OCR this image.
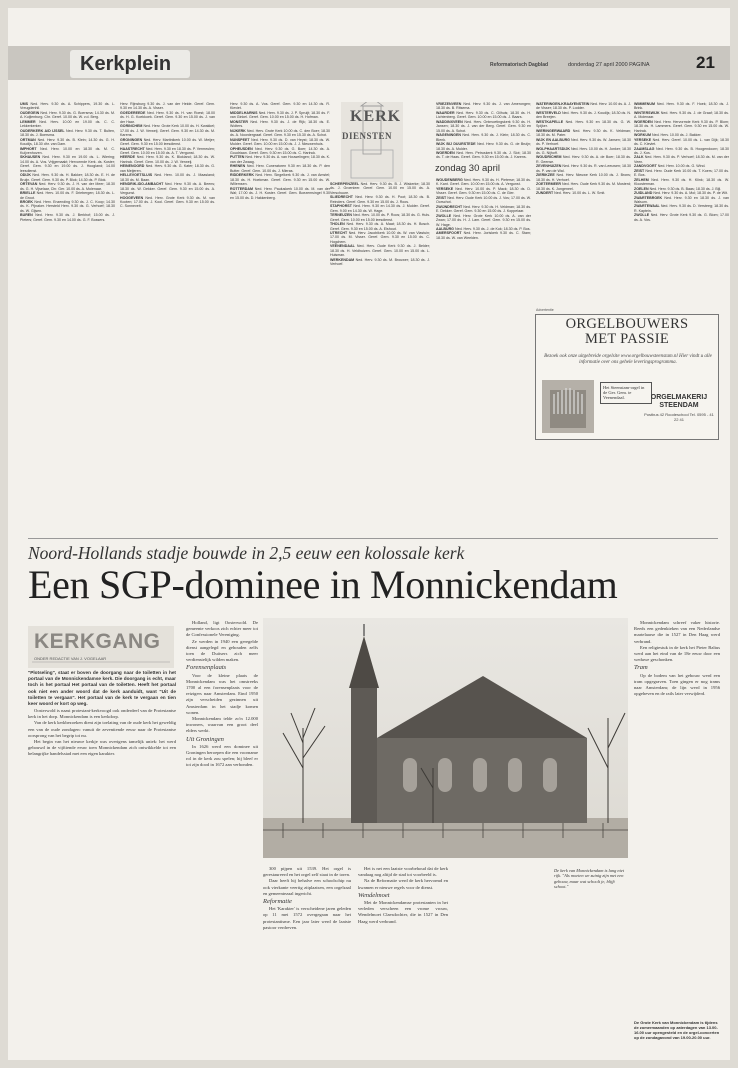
Kerkplein	Reformatorisch Dagblad	donderdag 27 april 2000 PAGINA	21

UMS Ned. Herv. 9.30 ds. A. Schippers, 19.30 ds. L. Vreugdenhil.

OUDEGEIN Ned. Herv. 9.30 ds. G. Boersma; 14.30 ds. M. A. Kuijlenburg. Chr. Geref. 10.00 ds. W. v.d. Berg.

LEMMER Ned. Herv. 10.00 en 19.00 ds. C. C. Lekkerkerker.

OUDERKERK A/D IJSSEL Ned. Herv. 9.30 ds. T. Bulten, 18.30 ds. J. Boersma.

ORTMAN Ned. Herv. 9.30 ds. B. Klein; 14.30 ds. G. H. Koudijs, 18.30 dhr. van Dam.

IMPHORT Ned. Herv. 10.00 en 18.30 ds. M. C. Kuijvenhoven.

SKHAUSEN Ned. Herv. 9.30 en 19.00 ds. L. Wiering; 14.00 ds. A. Vos. Vrijgemaakt; Hervormde Kerk. ds. Koster; Geref. Gem. 9.30 en 19.00 ds. J. Hoogland; 14.00 leesdienst.

ODIJK Ned. Herv. 9.30 ds. H. Bakker; 18.30 ds. E. H. de Bruijn. Geref. Gem. 9.30 ds. P. Blok; 14.30 ds. P. Blok.

ORTEVAN Ned. Herv. 9.30 ds. J. H. van der Meer; 18.30 ds. G. H. Vijselaar, Chr. Ger. 10.00 ds. A. Molenaar.

BRIELLE Ned. Herv. 10.00 ds. F. Driebergen; 18.30 ds. L. de Groot.

BROEK Ned. Herv. Enzending 9.30 ds. J. C. Koop; 14.30 ds. K. Pijnaker. Hersteld Herv. 9.30 ds. G. Verhoef; 18.30 ds. W. Gijsen.

BUREN Ned. Herv. 9.30 ds. J. Berkhof; 15.00 ds. J. Pieters; Geref. Gem. 9.30 en 14.00 ds. G. F. Bossers.

Herv. Rijnsburg 9.30 ds. J. van der Heide. Geref. Gem. 9.30 en 14.30 ds. A. Visser.

GOEDEREEDE Ned. Herv. 9.30 ds. H. van Roest; 18.00 ds. H. G. Koekkoek. Geref. Gem. 9.30 en 15.00 ds. J. van der Haar.

GORINCHEM Ned. Herv. Grote Kerk 10.00 ds. H. Kwakkel; 17.00 ds. J. W. Verweij. Geref. Gem. 9.30 en 14.30 ds. M. Karens.

GRONINGEN Ned. Herv. Martinikerk 10.00 ds. W. Meijer; Geref. Gem. 9.30 en 15.00 leesdienst.

HAASTRECHT Ned. Herv. 9.30 en 18.30 ds. P. Vermeulen; Geref. Gem. 10.00 en 15.00 ds. A. T. Vergunst.

HEERDE Ned. Herv. 9.30 ds. K. Blokland; 18.30 ds. W. Harinck. Geref. Gem. 10.00 ds. J. W. Verweij.

HEINENOORD Ned. Herv. 9.30 ds. G. Kater; 18.30 ds. G. van Meijeren.

HELLEVOETSLUIS Ned. Herv. 10.00 ds. J. Maasland; 18.30 ds. M. Baan.

HENDRIK-IDO-AMBACHT Ned. Herv. 9.30 ds. A. Beens; 18.30 ds. W. Dekker. Geref. Gem. 9.30 en 15.00 ds. A. Vergunst.

HOOGEVEEN Ned. Herv. Grote Kerk 9.30 ds. M. van Kooten; 17.00 ds. J. Kool. Geref. Gem. 9.30 en 15.00 ds. C. Sonnevelt.

Herv. 9.30 ds. A. Vos. Geref. Gem. 9.30 en 14.30 ds. R. Kieviet.

MIDDELHARNIS Ned. Herv. 9.30 ds. J. P. Spruijt; 18.30 ds. F. van Ginkel. Geref. Gem. 10.00 en 15.00 ds. H. Hofman.

MONSTER Ned. Herv. 9.30 ds. J. de Rijk; 18.30 ds. E. Wolters.

NIJKERK Ned. Herv. Grote Kerk 10.00 ds. C. den Boer; 18.30 ds. A. Noordergraaf. Geref. Gem. 9.30 en 15.30 ds. A. Schot.

NUNSPEET Ned. Herv. 9.30 ds. D. van Heyst; 18.30 ds. W. Mulder. Geref. Gem. 10.00 en 15.00 ds. J. J. Nieuwenhuis.

OPHEUSDEN Ned. Herv. 9.30 ds. G. Boer; 14.30 ds. A. Goudriaan. Geref. Gem. 9.30 en 15.00 ds. C. Harinck.

PUTTEN Ned. Herv. 9.30 ds. A. van Houwelingen; 18.30 ds. K. van der Zwaag.

RHENEN Ned. Herv. Cuneratoren 9.30 en 18.30 ds. P. den Butter. Geref. Gem. 10.00 ds. J. Mieras.

RIDDERKERK Ned. Herv. Singelkerk 9.30 ds. J. van Amstel; 18.30 ds. H. Hoekman. Geref. Gem. 9.30 en 15.00 ds. W. Willemsen.

ROTTERDAM Ned. Herv. Pauluskerk 10.00 ds. M. van der Wal; 17.00 ds. J. H. Koster. Geref. Gem. Boezemsingel 9.30 en 15.00 ds. D. Hakkenberg.

VRIEZENVEEN Ned. Herv. 9.30 ds. J. van Amerongen; 18.30 ds. B. Ritsema.

WAARDER Ned. Herv. 9.30 ds. C. Gilhuis; 18.30 ds. H. Lichtenberg. Geref. Gem. 10.00 en 15.00 ds. J. Baars.

WADDINXVEEN Ned. Herv. Ontmoetingskerk 9.30 ds. H. Jansen; 18.30 ds. J. van der Berg. Geref. Gem. 9.30 en 15.00 ds. A. Schot.

WAGENINGEN Ned. Herv. 9.30 ds. J. Klein; 18.30 ds. C. Blenk.

WIJK BIJ DUURSTEDE Ned. Herv. 9.30 ds. G. de Bruijn; 18.30 ds. A. Mulder.

WOERDEN Ned. Herv. Petruskerk 9.30 ds. J. Slot; 18.30 ds. T. de Haas. Geref. Gem. 9.30 en 15.00 ds. J. Karens.

WATERINGEN-KRAAYENSTEIN Ned. Herv. 10.00 ds. A. J. de Visser; 18.30 ds. P. Lodder.

WESTERVELD Ned. Herv. 9.30 ds. J. Koudijs; 18.30 ds. N. den Breejen.

WESTKAPELLE Ned. Herv. 9.30 en 18.30 ds. G. W. Spijker.

WIERINGERWAARD Ned. Herv. 9.30 ds. K. Veldman; 18.30 ds. M. Pater.

WIJK EN AALBURG Ned. Herv. 9.30 ds. W. Jansen; 18.30 ds. P. Verhoef.

WOLPHAARTSDIJK Ned. Herv. 10.00 ds. H. Jonker; 18.30 ds. G. Nijhoff.

WOUDRICHEM Ned. Herv. 9.30 ds. A. de Boer; 18.30 ds. R. Geense.

ZEVENHUIZEN Ned. Herv. 9.30 ds. R. van Leeuwen; 18.30 ds. P. van de Wal.

ZIERIKZEE Ned. Herv. Nieuwe Kerk 10.00 ds. J. Brons; 18.30 ds. H. Verhoef.

ZOETERMEER Ned. Herv. Oude Kerk 9.30 ds. M. Mosterd; 18.30 ds. K. Jongeneel.

ZUNDERT Ned. Herv. 10.00 ds. L. W. Smit.

WIMMENUM Ned. Herv. 9.30 ds. F. Hoek; 18.30 ds. J. Brink.

WINTERSWIJK Ned. Herv. 9.30 ds. J. de Graaf; 18.30 ds. A. Molenaar.

WOERDEN Ned. Herv. Hervormde Kerk 9.30 ds. P. Blom; 18.30 ds. H. Lammers. Geref. Gem. 9.30 en 15.00 ds. W. Harinck.

WORKUM Ned. Herv. 10.00 ds. J. Bakker.

YERSEKE Ned. Herv. Geref. 10.00 ds. L. van Dijk; 18.30 ds. C. Kieviet.

ZAAMSLAG Ned. Herv. 9.30 ds. B. Hoogendoorn; 18.30 ds. J. Kos.

ZALK Ned. Herv. 9.30 ds. P. Verhoef; 18.30 ds. M. van der Veen.

ZANDVOORT Ned. Herv. 10.00 ds. G. Wind.

ZEIST Ned. Herv. Oude Kerk 10.00 ds. T. Koers; 17.00 ds. E. Bos.

ZELHEM Ned. Herv. 9.30 ds. H. Klink; 18.30 ds. W. Kloosterman.

ZOELEN Ned. Herv. 9.30 ds. B. Baas; 18.30 ds. J. Bijl.

ZUIDLAND Ned. Herv. 9.30 ds. A. Mol; 18.30 ds. P. de Wit.

ZWARTEBROEK Ned. Herv. 9.30 en 18.30 ds. J. van Walsum.

ZWARTEWAAL Ned. Herv. 9.30 ds. D. Versteeg; 18.30 ds. R. Kaptein.

ZWOLLE Ned. Herv. Grote Kerk 9.30 ds. G. Blom; 17.00 ds. A. Vos.

SCHERPENZEEL Ned. Herv. 9.30 ds. B. J. Wiskerke; 18.30 ds. J. Groenleer. Geref. Gem. 10.00 en 15.00 ds. A. Verschuure.

SLIEDRECHT Ned. Herv. 9.30 ds. H. Poot; 18.30 ds. B. Reinders. Geref. Gem. 9.30 en 15.00 ds. J. Roos.

STAPHORST Ned. Herv. 9.30 en 14.30 ds. J. Mulder. Geref. Gem. 9.00 en 14.30 ds. W. Hage.

TERNEUZEN Ned. Herv. 10.00 ds. P. Roos; 18.30 ds. G. Huls. Geref. Gem. 10.00 en 15.00 leesdienst.

THOLEN Ned. Herv. 9.30 ds. A. Maat; 18.30 ds. H. Bosch. Geref. Gem. 9.30 en 15.00 ds. A. Elshout.

UTRECHT Ned. Herv. Jacobikerk 10.00 ds. W. van Vlastuin; 17.00 ds. M. Visser. Geref. Gem. 9.30 en 15.00 ds. C. Hogchem.

VEENENDAAL Ned. Herv. Oude Kerk 9.30 ds. J. Belder; 18.30 ds. H. Veldhuizen. Geref. Gem. 10.00 en 15.00 ds. L. Huisman.

WERKENDAM Ned. Herv. 9.30 ds. M. Brouwer; 18.30 ds. J. Verhoef.

WOUDENBERG Ned. Herv. 9.30 ds. H. Pieterse; 18.30 ds. K. Kant. Geref. Gem. 10.00 en 15.00 ds. A. Vergunst.

YERSEKE Ned. Herv. 10.00 ds. P. Mack; 18.30 ds. D. Visser. Geref. Gem. 9.30 en 15.00 ds. C. de Gier.

ZEIST Ned. Herv. Oude Kerk 10.00 ds. J. Vos; 17.00 ds. W. Oorschot.

ZWIJNDRECHT Ned. Herv. 9.30 ds. H. Veldman; 18.30 ds. E. Dekker. Geref. Gem. 9.30 en 15.00 ds. J. Koppelaar.

ZWOLLE Ned. Herv. Grote Kerk 10.00 ds. A. van der Zwan; 17.00 ds. H. J. Lam. Geref. Gem. 9.30 en 15.00 ds. W. Hage.

AALBURG Ned. Herv. 9.30 ds. J. de Kok; 18.30 ds. P. Bos.

AMERSFOORT Ned. Herv. Joriskerk 9.30 ds. C. Stam; 18.30 ds. W. van Weelden.

KERK
DIENSTEN
zondag 30 april
Advertentie
ORGELBOUWERS
MET PASSIE
Bezoek ook onze uitgebreide orgelsite www.orgelbouwsteenstam.nl Hier vindt u alle informatie over ons gehele leveringsprogramma.
Het Steenstam-orgel in de Ger. Gem. te Veenendaal.	ORGELMAKERIJ STEENDAM
Postbus 42 Roodeschool Tel. 0595 - 41 22 41
Noord-Hollands stadje bouwde in 2,5 eeuw een kolossale kerk
Een SGP-dominee in Monnickendam
KERKGANG
ONDER REDACTIE VAN J. VOGELAAR
"Plotseling", staat er boven de doorgang naar de toiletten in het portaal van de Monnickendamse kerk. Die doorgang is echt, maar toch is het portaal Het portaal van de toiletten. Heeft het portaal ook niet een ander woord dat de kerk aanduidt, want "Uit de toiletten te vergaan". Het portaal van de kerk te vergaan en tien keer woord er kort op weg.

Oosterwold is naast protestant-kerkvoogd ook onderdeel van de Protestantse kerk in het dorp. Monnickendam is een kerkdorp.

Van de kerk kerkbezoeken dient zijn toelating van de oude kerk het geweldig een van de oude zondagen: vanuit de zeventiende eeuw naar de Protestantse oorsprong van het begrip tot nu.

Het begin van het nieuwe kerkje was overigens tamelijk uniek: het werd gebouwd in de vijftiende eeuw toen Monnickendam zich ontwikkelde tot een belangrijke handelsstad met een eigen karakter.

Holland, ligt Oosterwold. De gemeente verkoos zich echter meer tot de Confessionele Vereniging.

Ze werden in 1940 een geregelde dienst aangelegd en gehouden zelfs toen de Duitsers zich meer verdienstelijk wilden maken.

Forensenplaats

Voor de kleine plaats de Monnickendam was het omstreeks 1700 al een forensenplaats voor de reizigers naar Amsterdam. Eind 1950 zijn verscheiden gezinnen uit Amsterdam in het stadje komen wonen.

Monnickendam telde zo'n 12.000 inwoners, waarvan een groot deel elders werkt.

Uit Groningen

In 1626 werd een dominee uit Groningen beroepen die een voorname rol in de kerk zou spelen; hij bleef er tot zijn dood in 1672 aan verbonden.

300 pijpen uit 1539. Het orgel is gerestaureerd en het orgel zelf staat in de toren.

Daar heeft hij behalve een schoolschip nu ook vierkante veertig zitplaatsen, een orgelzaal en gemeentezaal ingericht.

Reformatie

Het 'Karakter' is verscheidene jaren geleden op 11 mei 1572 overgegaan naar het protestantisme. Een jaar later werd de laatste pastoor verdreven.

Het is net een laatste voorbehoud dat de kerk vandaag nog altijd de stad tot voorbeeld is.

Na de Reformatie werd de kerk hervormd en kwamen er nieuwe regels voor de dienst.

Wendelmoet

Met de Monnickendamse protestanten in het verleden verscheen een vrome vrouw, Wendelmoet Claesdochter, die in 1527 in Den Haag werd verbrand.

De kerk van Monnickendam is lang niet rijk. "Als moeten we zuinig zijn met een gebouw, maar wat schoolt je, blijft schoot."

Monnickendam schreef vaker historie. Reeds een gedenkteken van een Nederlandse martelaarse die in 1527 in Den Haag werd verbrand.

Een religiestuk in de kerk het Pieter Baltus werd aan het eind van de 18e eeuw door een weduwe geschonken.

Tram

Op de bodem van het gebouw werd een tram opgegraven. Toen gingen er nog trams naar Amsterdam; de lijn werd in 1956 opgeheven en de rails later verwijderd.

De Grote Kerk van Monnickendam is tijdens de zomermaanden op zaterdagen van 13.00-16.00 uur opengesteld en de orgel-concerten op de zondagavond van 19.00-20.00 uur.
